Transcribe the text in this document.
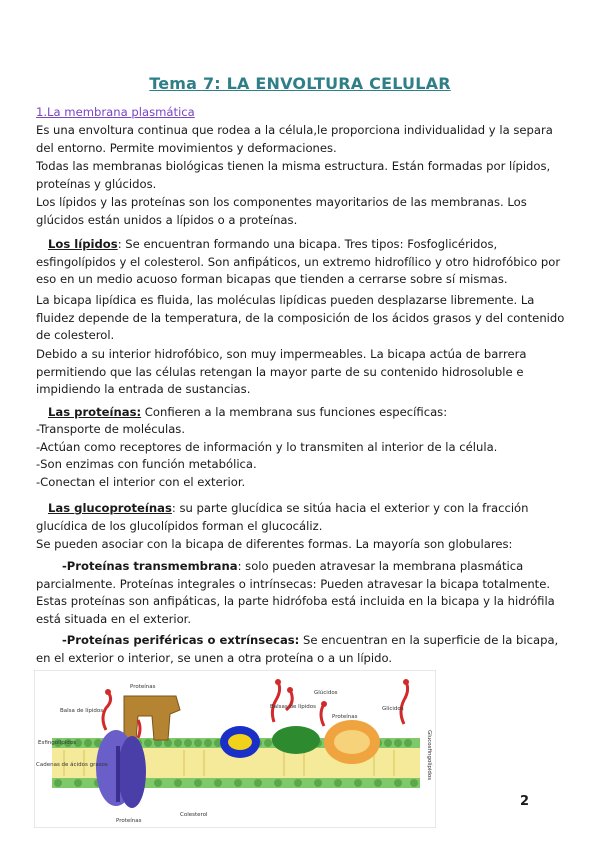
Tema 7: LA ENVOLTURA CELULAR

1.La membrana plasmática

Es una envoltura continua que rodea a la célula,le proporciona individualidad y la separa del entorno. Permite movimientos y deformaciones.

Todas las membranas biológicas tienen la misma estructura. Están formadas por lípidos, proteínas y glúcidos.

Los lípidos y las proteínas son los componentes mayoritarios de las membranas. Los glúcidos están unidos a lípidos o a proteínas.

Los lípidos: Se encuentran formando una bicapa. Tres tipos: Fosfoglicéridos, esfingolípidos y el colesterol. Son anfipáticos, un extremo hidrofílico y otro hidrofóbico por eso en un medio acuoso forman bicapas que tienden a cerrarse sobre sí mismas.

La bicapa lipídica es fluida, las moléculas lipídicas pueden desplazarse libremente. La fluidez depende de la temperatura, de la composición de los ácidos grasos y del contenido de colesterol.

Debido a su interior hidrofóbico, son muy impermeables. La bicapa actúa de barrera permitiendo que las células retengan la mayor parte de su contenido hidrosoluble e impidiendo la entrada de sustancias.

Las proteínas: Confieren a la membrana sus funciones específicas:

-Transporte de moléculas.

-Actúan como receptores de información y lo transmiten al interior de la célula.

-Son enzimas con función metabólica.

-Conectan el interior con el exterior.

Las glucoproteínas: su parte glucídica se sitúa hacia el exterior y con la fracción glucídica de los glucolípidos forman el glucocáliz.

Se pueden asociar con la bicapa de diferentes formas. La mayoría son globulares:

-Proteínas transmembrana: solo pueden atravesar la membrana plasmática parcialmente. Proteínas integrales o intrínsecas: Pueden atravesar la bicapa totalmente. Estas proteínas son anfipáticas, la parte hidrófoba está incluida en la bicapa y la hidrófila está situada en el exterior.

-Proteínas periféricas o extrínsecas: Se encuentran en la superficie de la bicapa, en el exterior o interior, se unen a otra proteína o a un lípido.

Proteínas
Balsa de lípidos
Esfingolípidos
Cadenas de ácidos grasos
Balsas de lípidos
Glúcidos
Proteínas
Glícidos
Glucosfingolípidos
Proteínas
Colesterol
2
